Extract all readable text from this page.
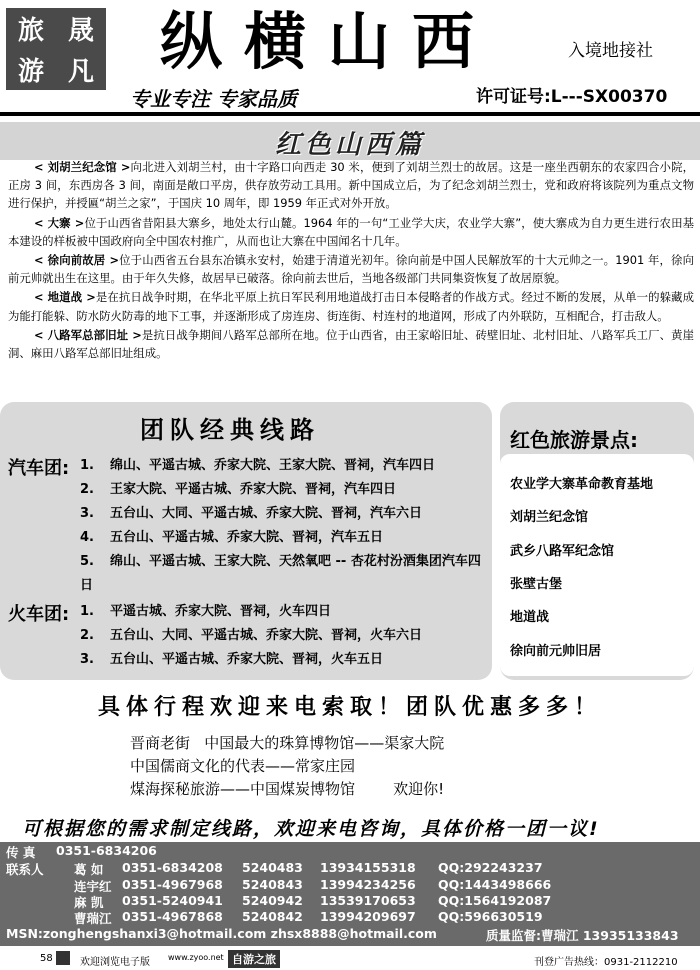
旅 晟
游 凡 纵横山西	入境地接社
专业专注 专家品质	许可证号:L---SX00370
红色山西篇

< 刘胡兰纪念馆 >向北进入刘胡兰村，由十字路口向西走 30 米，便到了刘胡兰烈士的故居。这是一座坐西朝东的农家四合小院，正房 3 间，东西房各 3 间，南面是敞口平房，供存放劳动工具用。新中国成立后，为了纪念刘胡兰烈士，党和政府将该院列为重点文物进行保护，并授匾“胡兰之家”，于国庆 10 周年，即 1959 年正式对外开放。

< 大寨 >位于山西省昔阳县大寨乡，地处太行山麓。1964 年的一句“工业学大庆，农业学大寨”，使大寨成为自力更生进行农田基本建设的样板被中国政府向全中国农村推广，从而也让大寨在中国闻名十几年。

< 徐向前故居 >位于山西省五台县东冶镇永安村，始建于清道光初年。徐向前是中国人民解放军的十大元帅之一。1901 年，徐向前元帅就出生在这里。由于年久失修，故居早已破落。徐向前去世后，当地各级部门共同集资恢复了故居原貌。

< 地道战 >是在抗日战争时期，在华北平原上抗日军民利用地道战打击日本侵略者的作战方式。经过不断的发展，从单一的躲藏成为能打能躲、防水防火防毒的地下工事，并逐渐形成了房连房、街连街、村连村的地道网，形成了内外联防，互相配合，打击敌人。

< 八路军总部旧址 >是抗日战争期间八路军总部所在地。位于山西省，由王家峪旧址、砖壁旧址、北村旧址、八路军兵工厂、黄崖洞、麻田八路军总部旧址组成。

团队经典线路
汽车团: 1. 绵山、平遥古城、乔家大院、王家大院、晋祠，汽车四日
2. 王家大院、平遥古城、乔家大院、晋祠，汽车四日
3. 五台山、大同、平遥古城、乔家大院、晋祠，汽车六日
4. 五台山、平遥古城、乔家大院、晋祠，汽车五日
5. 绵山、平遥古城、王家大院、天然氧吧 -- 杏花村汾酒集团汽车四日
火车团: 1. 平遥古城、乔家大院、晋祠，火车四日
2. 五台山、大同、平遥古城、乔家大院、晋祠，火车六日
3. 五台山、平遥古城、乔家大院、晋祠，火车五日
红色旅游景点:
农业学大寨革命教育基地
刘胡兰纪念馆
武乡八路军纪念馆
张壁古堡
地道战
徐向前元帅旧居
具体行程欢迎来电索取！团队优惠多多！
晋商老街   中国最大的珠算博物馆——渠家大院
中国儒商文化的代表——常家庄园
煤海探秘旅游——中国煤炭博物馆        欢迎你!
可根据您的需求制定线路，欢迎来电咨询，具体价格一团一议!
传 真 0351-6834206
联系人 葛 如 0351-6834208 5240483 13934155318 QQ:292243237
连宇红 0351-4967968 5240843 13994234256 QQ:1443498666
麻 凯 0351-5240941 5240942 13539170653 QQ:1564192087
曹瑞江 0351-4967868 5240842 13994209697 QQ:596630519
MSN:zonghengshanxi3@hotmail.com zhsx8888@hotmail.com	质量监督:曹瑞江 13935133843
58	欢迎浏览电子版 www.zyoo.net 自游之旅	刊登广告热线：0931-2112210
